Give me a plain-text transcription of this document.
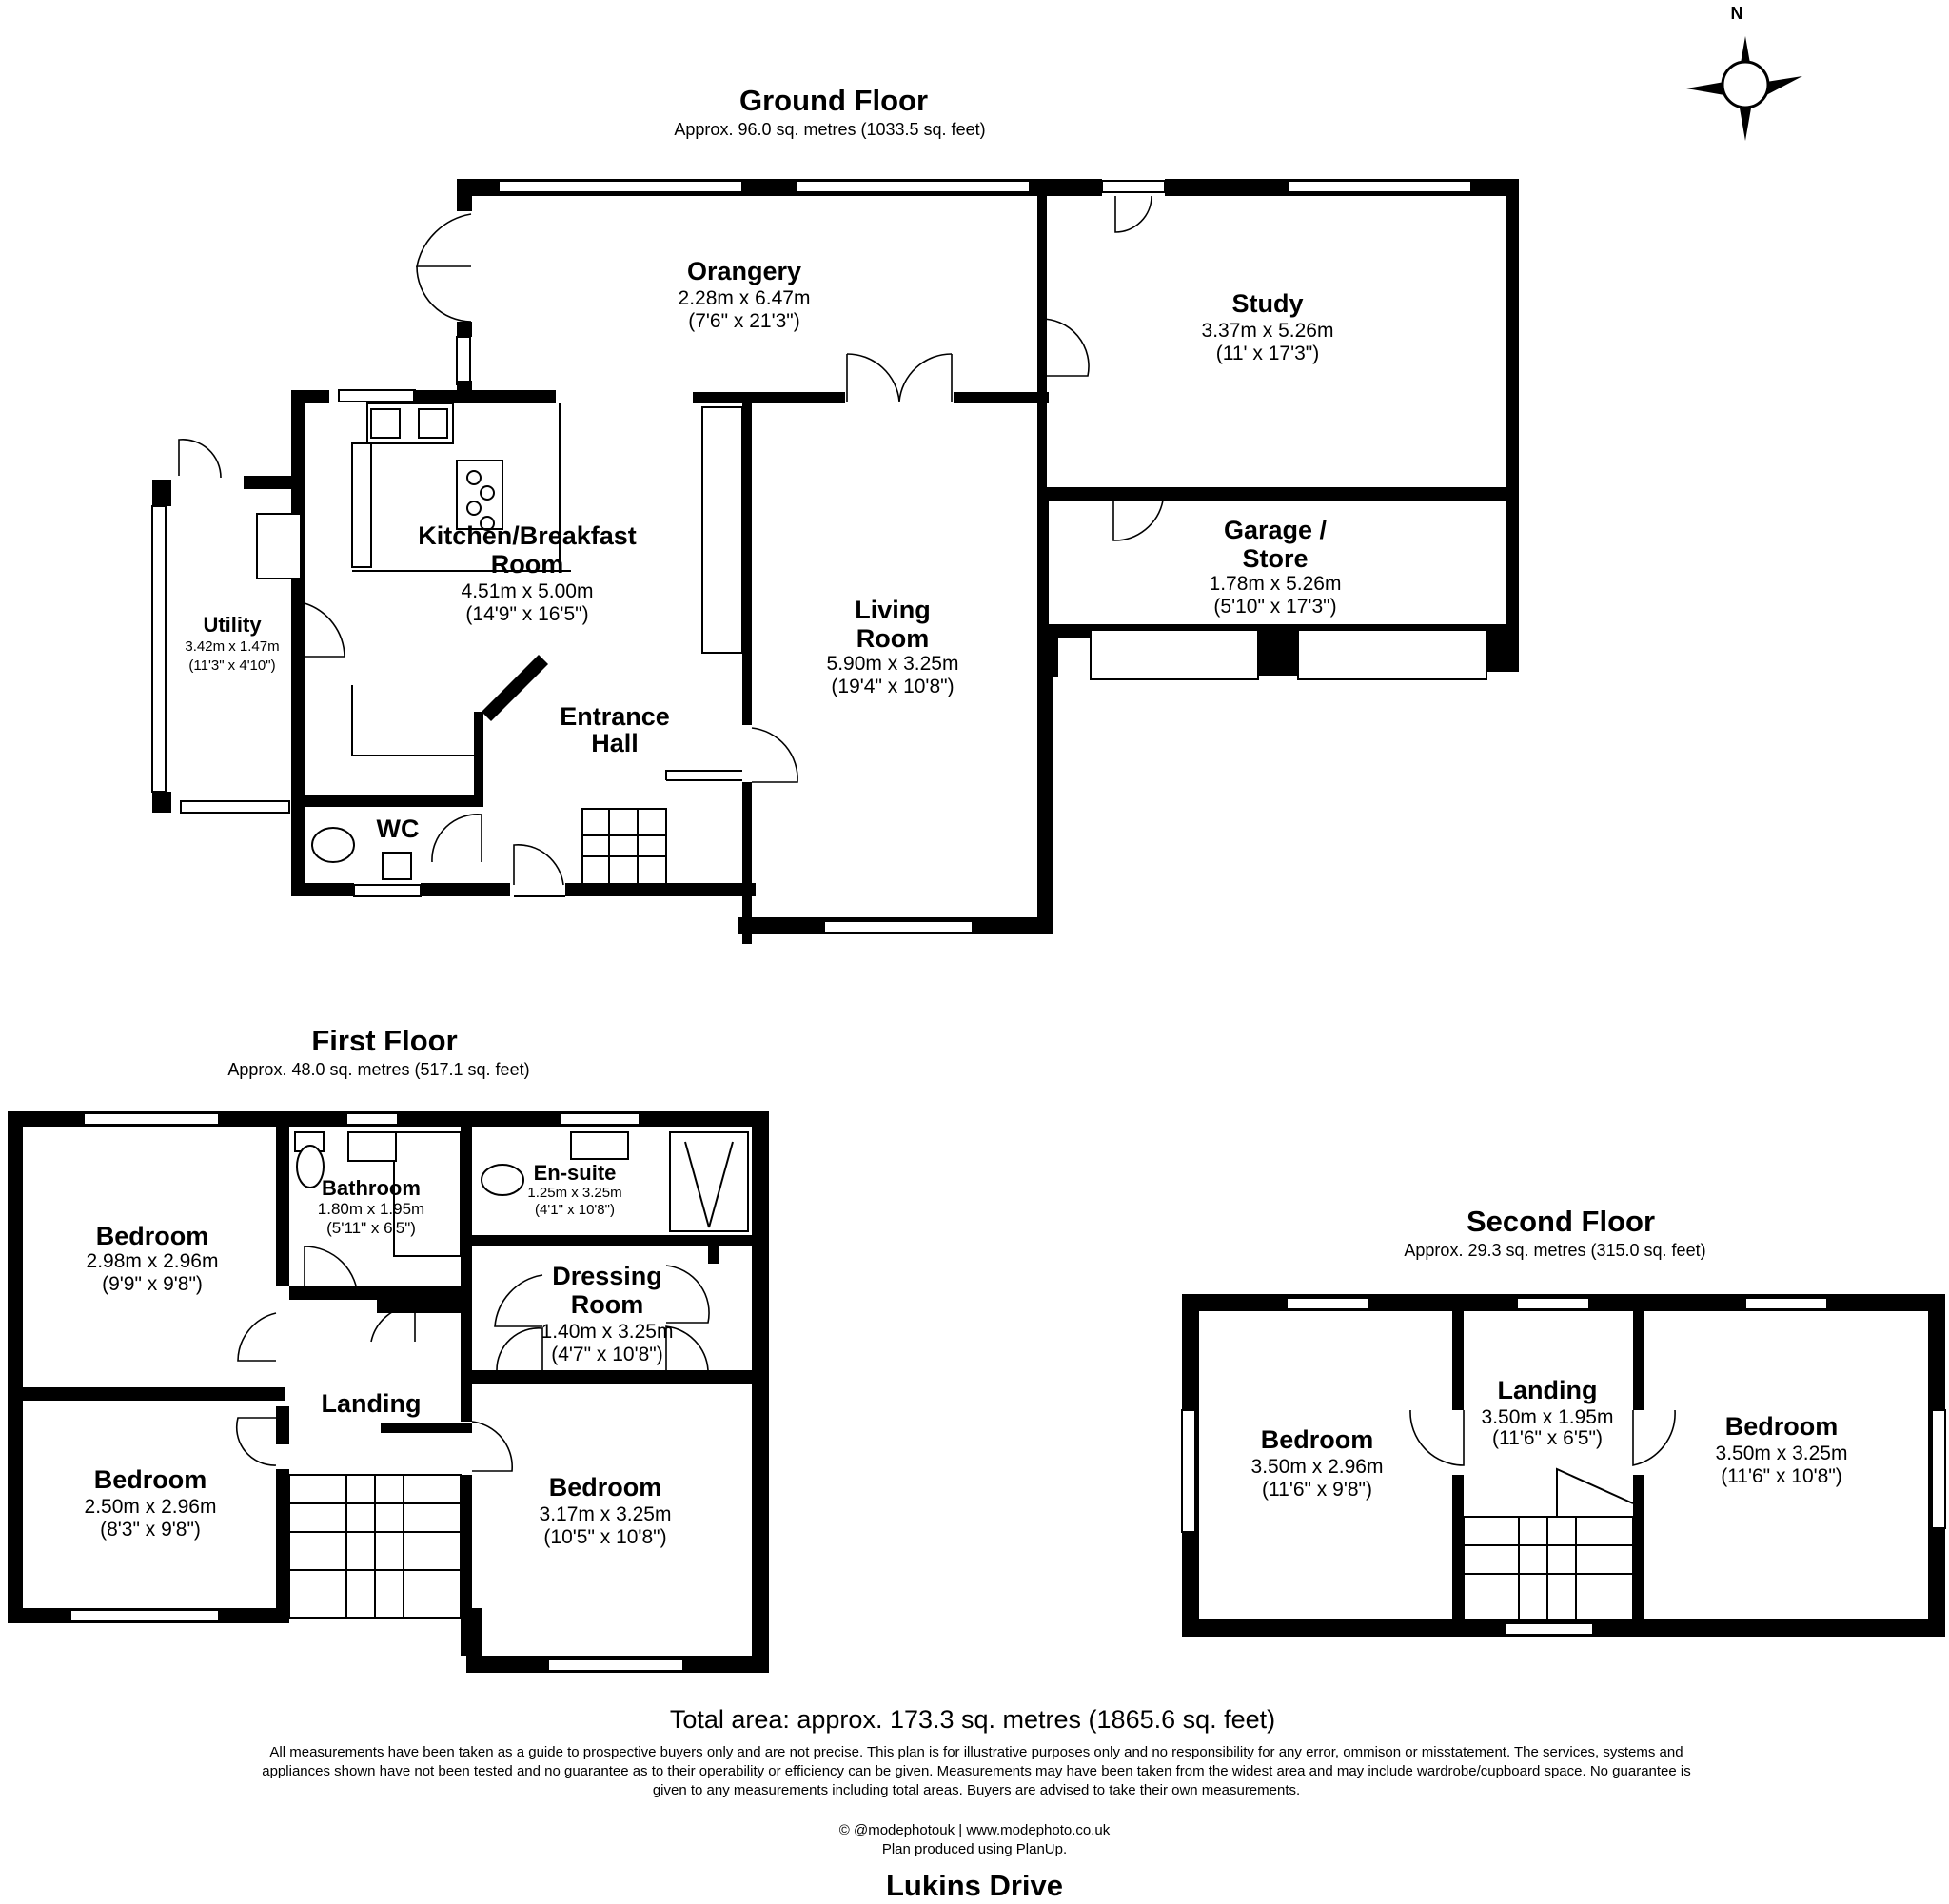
N
Ground Floor
Approx. 96.0 sq. metres (1033.5 sq. feet)
Orangery
2.28m x 6.47m
(7'6" x 21'3")
Study
3.37m x 5.26m
(11' x 17'3")
Kitchen/Breakfast
Room
4.51m x 5.00m
(14'9" x 16'5")
Garage /
Store
1.78m x 5.26m
(5'10" x 17'3")
Living
Room
5.90m x 3.25m
(19'4" x 10'8")
Utility
3.42m x 1.47m
(11'3" x 4'10")
Entrance
Hall
WC
First Floor
Approx. 48.0 sq. metres (517.1 sq. feet)
Bedroom
2.98m x 2.96m
(9'9" x 9'8")
Bathroom
1.80m x 1.95m
(5'11" x 6'5")
En-suite
1.25m x 3.25m
(4'1" x 10'8")
Dressing
Room
1.40m x 3.25m
(4'7" x 10'8")
Landing
Bedroom
2.50m x 2.96m
(8'3" x 9'8")
Bedroom
3.17m x 3.25m
(10'5" x 10'8")
Second Floor
Approx. 29.3 sq. metres (315.0 sq. feet)
Bedroom
3.50m x 2.96m
(11'6" x 9'8")
Landing
3.50m x 1.95m
(11'6" x 6'5")	Bedroom
3.50m x 3.25m
(11'6" x 10'8")
Total area: approx. 173.3 sq. metres (1865.6 sq. feet)
All measurements have been taken as a guide to prospective buyers only and are not precise. This plan is for illustrative purposes only and no responsibility for any error, ommison or misstatement. The services, systems and
appliances shown have not been tested and no guarantee as to their operability or efficiency can be given. Measurements may have been taken from the widest area and may include wardrobe/cupboard space. No guarantee is
given to any measurements including total areas. Buyers are advised to take their own measurements.
© @modephotouk | www.modephoto.co.uk
Plan produced using PlanUp.
Lukins Drive
